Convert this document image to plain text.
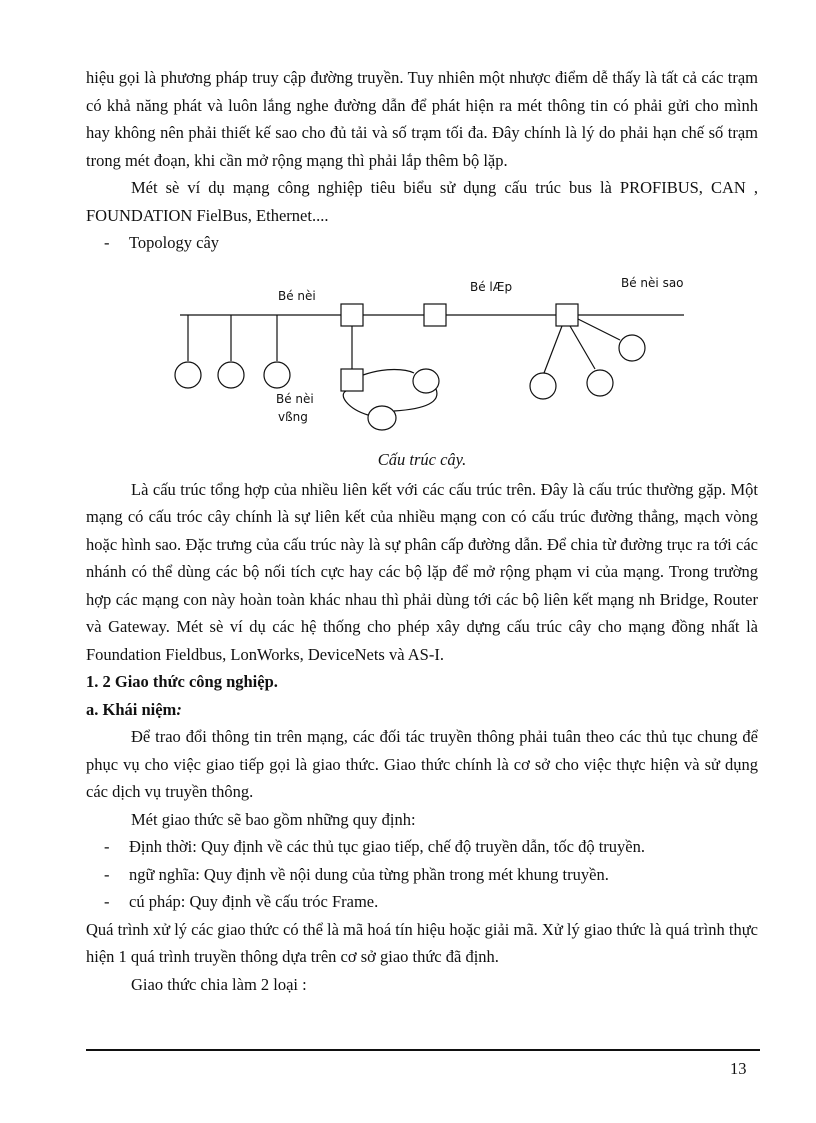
hiệu gọi là phương pháp truy cập đường truyền. Tuy nhiên một nhược điểm dễ thấy là tất cả các trạm có khả năng phát và luôn lắng nghe đường dẫn để phát hiện ra mét thông tin có phải gửi cho mình hay không nên phải thiết kế sao cho đủ tải và số trạm tối đa. Đây chính là lý do phải hạn chế số trạm trong mét đoạn, khi cần mở rộng mạng thì phải lắp thêm bộ lặp.

Mét sè ví dụ mạng công nghiệp tiêu biểu sử dụng cấu trúc bus là PROFIBUS, CAN , FOUNDATION FielBus, Ethernet....

-	Topology cây
Bé nèi
Bé lÆp	Bé nèi sao
Bé nèi
vßng
Cấu trúc cây.

Là cấu trúc tổng hợp của nhiều liên kết với các cấu trúc trên. Đây là cấu trúc thường gặp. Một mạng có cấu tróc cây chính là sự liên kết của nhiều mạng con có cấu trúc đường thẳng, mạch vòng hoặc hình sao. Đặc trưng của cấu trúc này là sự phân cấp đường dẫn. Để chia từ đường trục ra tới các nhánh có thể dùng các bộ nối tích cực hay các bộ lặp để mở rộng phạm vi của mạng. Trong trường hợp các mạng con này hoàn toàn khác nhau thì phải dùng tới các bộ liên kết mạng nh Bridge, Router và Gateway. Mét sè ví dụ các hệ thống cho phép xây dựng cấu trúc cây cho mạng đồng nhất là Foundation Fieldbus, LonWorks, DeviceNets và AS-I.

1. 2 Giao thức công nghiệp.
a. Khái niệm:

Để trao đổi thông tin trên mạng, các đối tác truyền thông phải tuân theo các thủ tục chung để phục vụ cho việc giao tiếp gọi là giao thức. Giao thức chính là cơ sở cho việc thực hiện và sử dụng các dịch vụ truyền thông.

Mét giao thức sẽ bao gồm những quy định:

-	Định thời: Quy định về các thủ tục giao tiếp, chế độ truyền dẫn, tốc độ truyền.
-	ngữ nghĩa: Quy định về nội dung của từng phần trong mét khung truyền.
-	cú pháp: Quy định về cấu tróc Frame.

Quá trình xử lý các giao thức có thể là mã hoá tín hiệu hoặc giải mã. Xử lý giao thức là quá trình thực hiện 1 quá trình truyền thông dựa trên cơ sở giao thức đã định.

Giao thức chia làm 2 loại :

13
